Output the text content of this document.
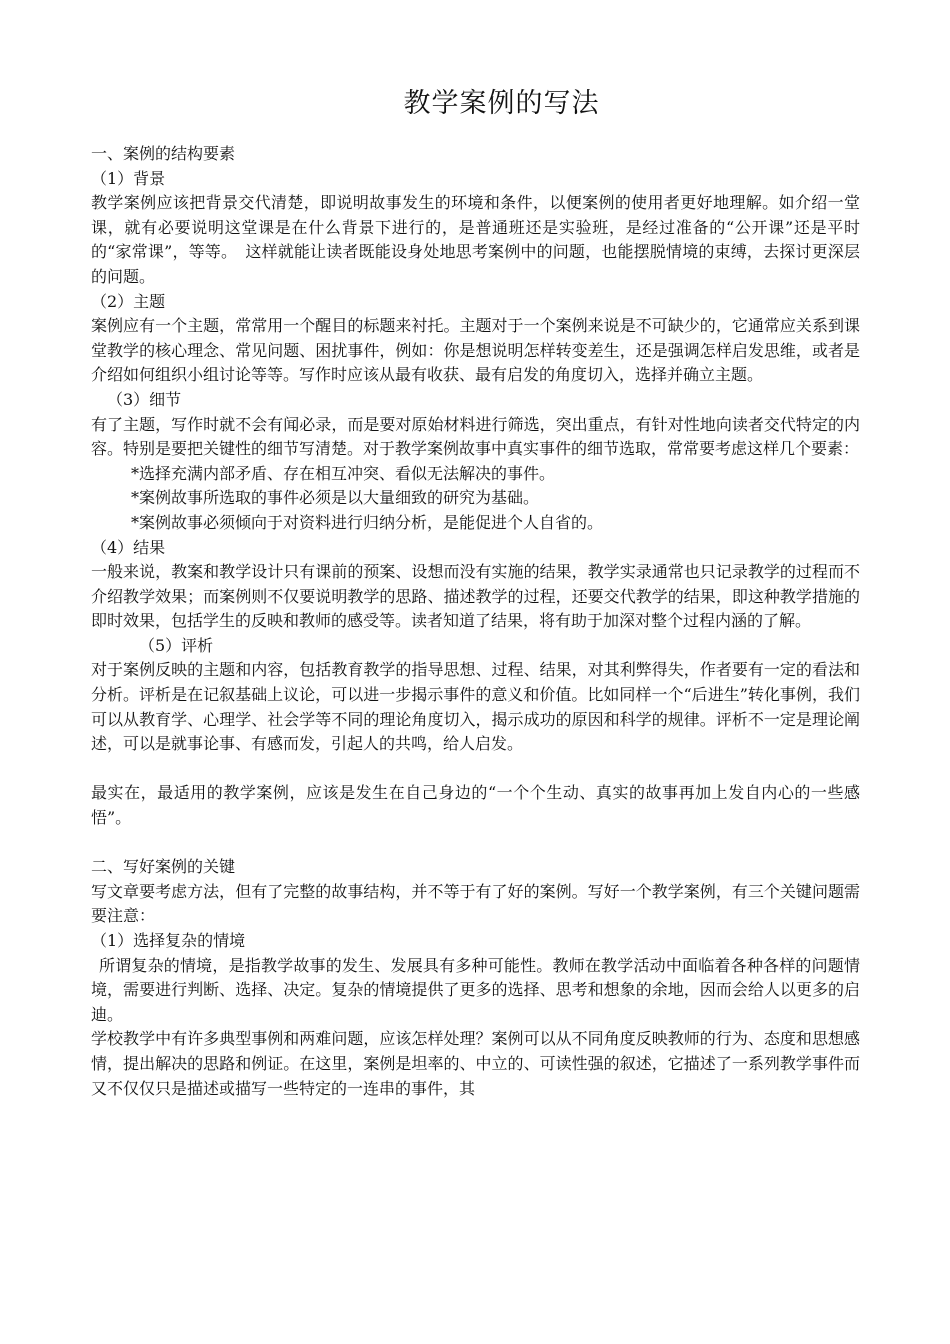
教学案例的写法

一、案例的结构要素

（1）背景

教学案例应该把背景交代清楚，即说明故事发生的环境和条件，以便案例的使用者更好地理解。如介绍一堂课，就有必要说明这堂课是在什么背景下进行的，是普通班还是实验班，是经过准备的“公开课”还是平时的“家常课”，等等。　这样就能让读者既能设身处地思考案例中的问题，也能摆脱情境的束缚，去探讨更深层的问题。

（2）主题

案例应有一个主题，常常用一个醒目的标题来衬托。主题对于一个案例来说是不可缺少的，它通常应关系到课堂教学的核心理念、常见问题、困扰事件，例如：你是想说明怎样转变差生，还是强调怎样启发思维，或者是介绍如何组织小组讨论等等。写作时应该从最有收获、最有启发的角度切入，选择并确立主题。

（3）细节

有了主题，写作时就不会有闻必录，而是要对原始材料进行筛选，突出重点，有针对性地向读者交代特定的内容。特别是要把关键性的细节写清楚。对于教学案例故事中真实事件的细节选取，常常要考虑这样几个要素：

*选择充满内部矛盾、存在相互冲突、看似无法解决的事件。

*案例故事所选取的事件必须是以大量细致的研究为基础。

*案例故事必须倾向于对资料进行归纳分析，是能促进个人自省的。

（4）结果

一般来说，教案和教学设计只有课前的预案、设想而没有实施的结果，教学实录通常也只记录教学的过程而不介绍教学效果；而案例则不仅要说明教学的思路、描述教学的过程，还要交代教学的结果，即这种教学措施的即时效果，包括学生的反映和教师的感受等。读者知道了结果，将有助于加深对整个过程内涵的了解。

（5）评析

对于案例反映的主题和内容，包括教育教学的指导思想、过程、结果，对其利弊得失，作者要有一定的看法和分析。评析是在记叙基础上议论，可以进一步揭示事件的意义和价值。比如同样一个“后进生”转化事例，我们可以从教育学、心理学、社会学等不同的理论角度切入，揭示成功的原因和科学的规律。评析不一定是理论阐述，可以是就事论事、有感而发，引起人的共鸣，给人启发。

最实在，最适用的教学案例，应该是发生在自己身边的“一个个生动、真实的故事再加上发自内心的一些感悟”。

二、写好案例的关键

写文章要考虑方法，但有了完整的故事结构，并不等于有了好的案例。写好一个教学案例，有三个关键问题需要注意：

（1）选择复杂的情境

所谓复杂的情境，是指教学故事的发生、发展具有多种可能性。教师在教学活动中面临着各种各样的问题情境，需要进行判断、选择、决定。复杂的情境提供了更多的选择、思考和想象的余地，因而会给人以更多的启迪。

学校教学中有许多典型事例和两难问题，应该怎样处理？案例可以从不同角度反映教师的行为、态度和思想感情，提出解决的思路和例证。在这里，案例是坦率的、中立的、可读性强的叙述，它描述了一系列教学事件而又不仅仅只是描述或描写一些特定的一连串的事件，其
